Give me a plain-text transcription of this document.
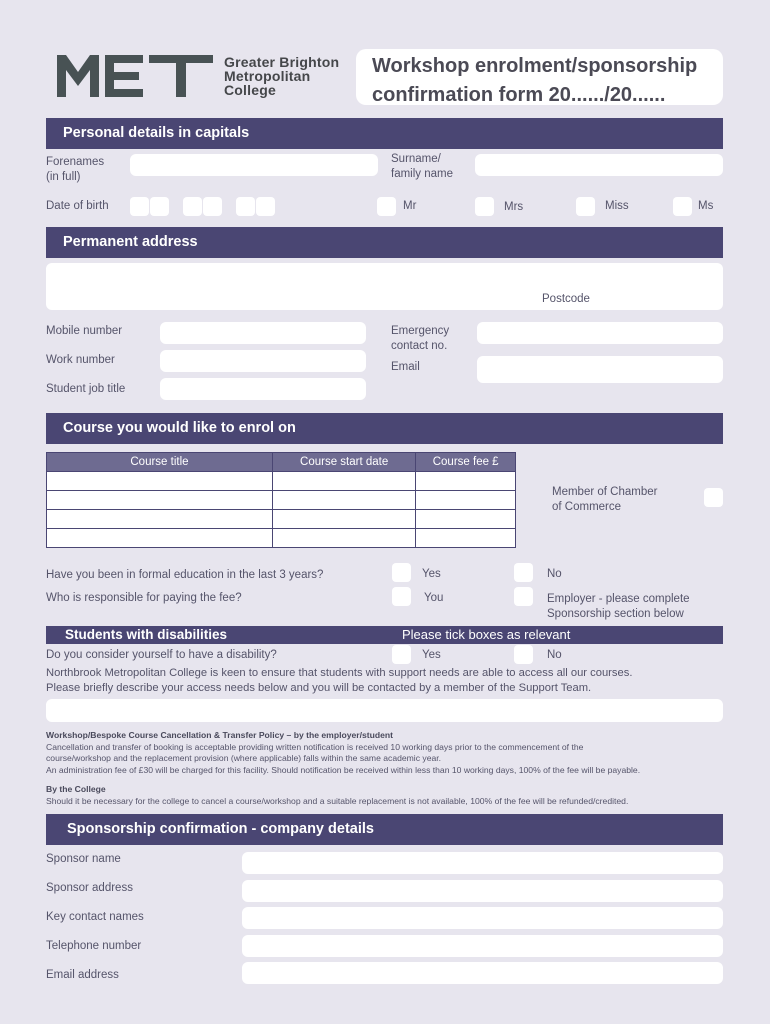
Greater Brighton
Metropolitan
College
Workshop enrolment/sponsorship
confirmation form 20....../20......
Personal details in capitals
Forenames
(in full)
Surname/
family name
Date of birth	Mr	Mrs	Miss	Ms
Permanent address
Postcode
Mobile number
Work number
Student job title
Emergency
contact no.
Email
Course you would like to enrol on
Course title	Course start date	Course fee £

Member of Chamber
of Commerce
Have you been in formal education in the last 3 years?	Yes	No
Who is responsible for paying the fee?	You	Employer - please complete
Sponsorship section below
Students with disabilities	Please tick boxes as relevant
Do you consider yourself to have a disability?	Yes	No
Northbrook Metropolitan College is keen to ensure that students with support needs are able to access all our courses.
Please briefly describe your access needs below and you will be contacted by a member of the Support Team.
Workshop/Bespoke Course Cancellation & Transfer Policy – by the employer/student
Cancellation and transfer of booking is acceptable providing written notification is received 10 working days prior to the commencement of the
course/workshop and the replacement provision (where applicable) falls within the same academic year.
An administration fee of £30 will be charged for this facility. Should notification be received within less than 10 working days, 100% of the fee will be payable.
By the College
Should it be necessary for the college to cancel a course/workshop and a suitable replacement is not available, 100% of the fee will be refunded/credited.
Sponsorship confirmation - company details
Sponsor name
Sponsor address
Key contact names
Telephone number
Email address
